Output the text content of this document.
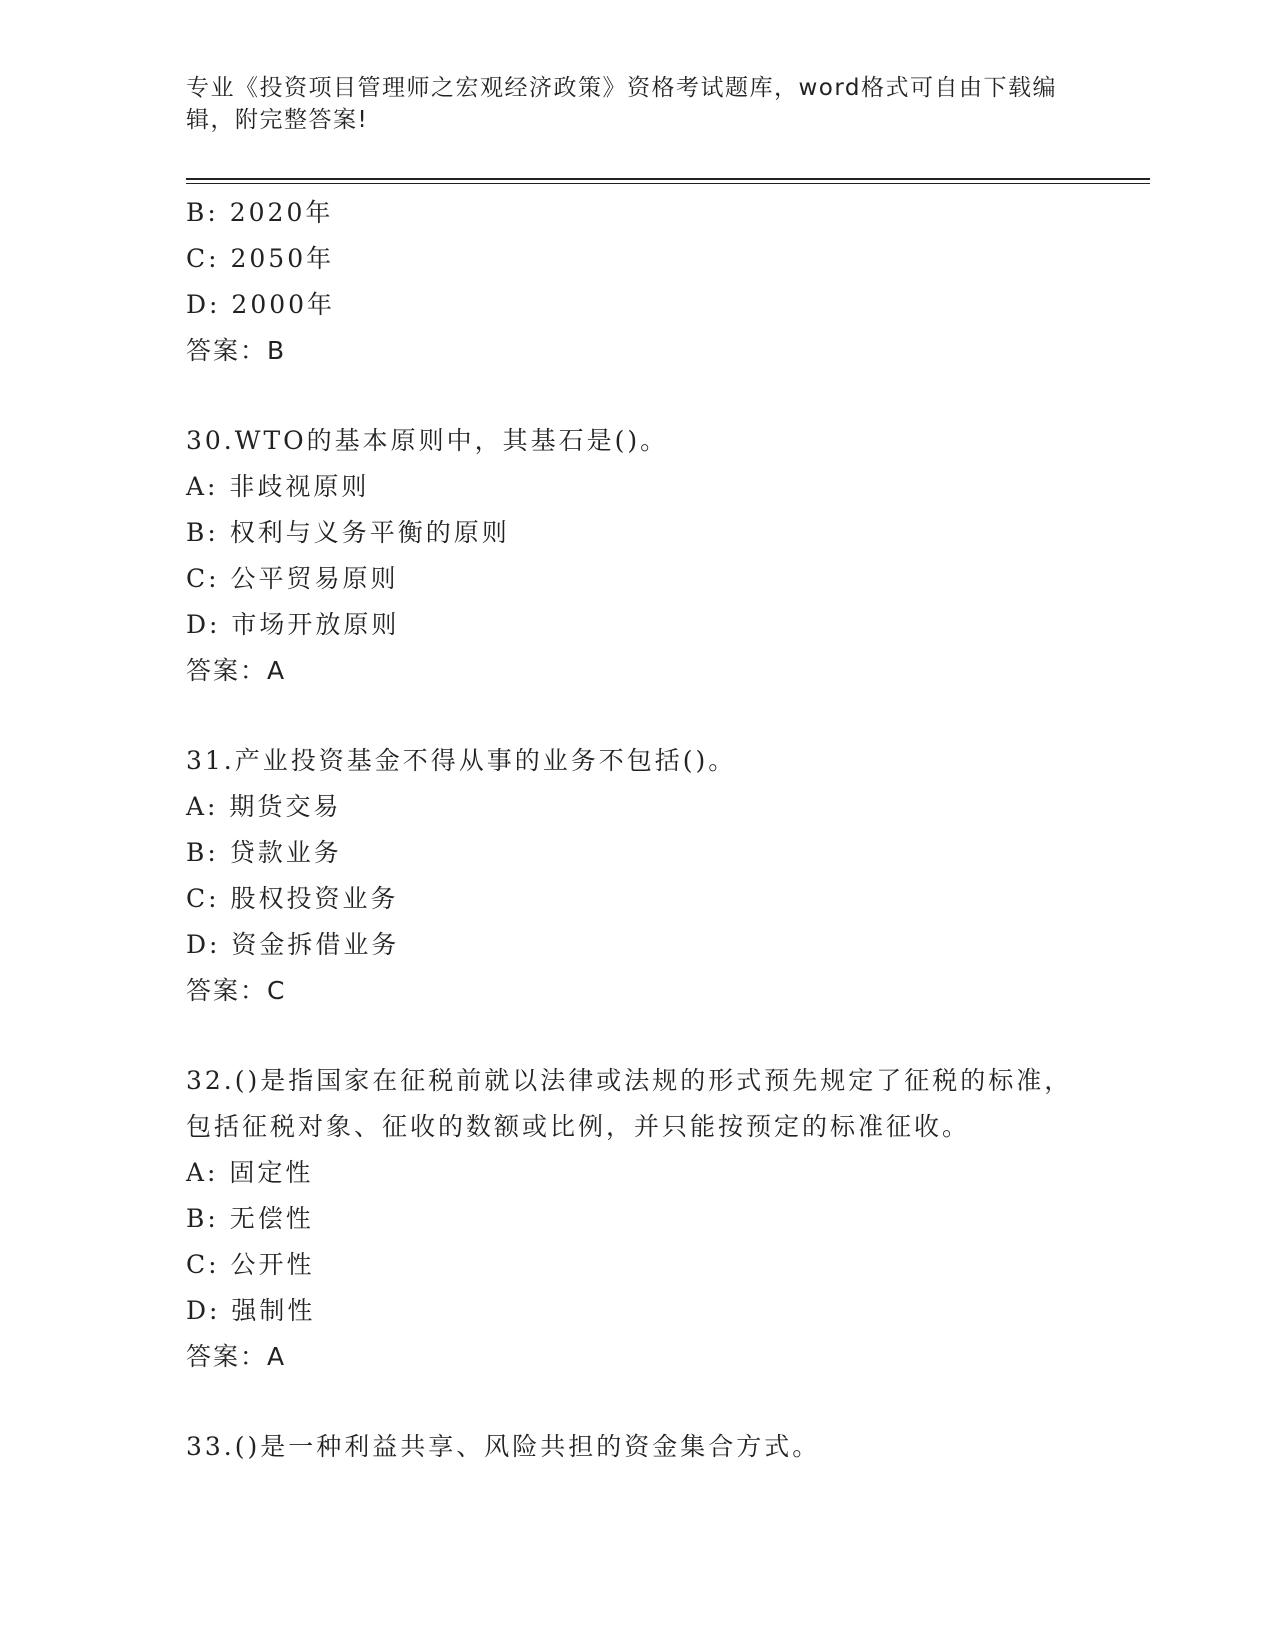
专业《投资项目管理师之宏观经济政策》资格考试题库，word格式可自由下载编辑，附完整答案!
B: 2020年
C: 2050年
D: 2000年
答案：B
30.WTO的基本原则中，其基石是()。
A: 非歧视原则
B: 权利与义务平衡的原则
C: 公平贸易原则
D: 市场开放原则
答案：A
31.产业投资基金不得从事的业务不包括()。
A: 期货交易
B: 贷款业务
C: 股权投资业务
D: 资金拆借业务
答案：C
32.()是指国家在征税前就以法律或法规的形式预先规定了征税的标准，包括征税对象、征收的数额或比例，并只能按预定的标准征收。
A: 固定性
B: 无偿性
C: 公开性
D: 强制性
答案：A
33.()是一种利益共享、风险共担的资金集合方式。
